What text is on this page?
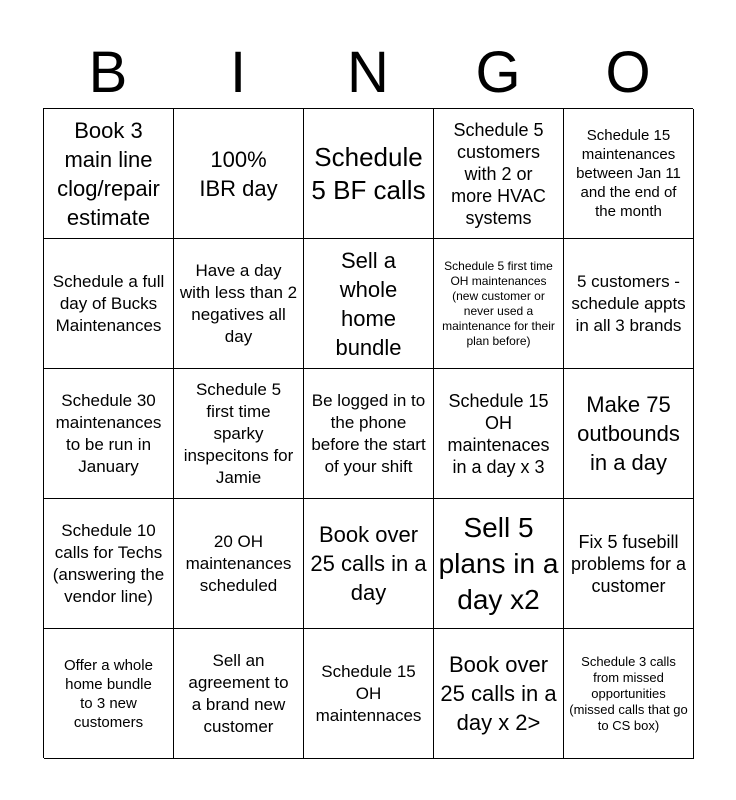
B	I	N	G	O
Book 3 main line clog/repair estimate
100% IBR day
Schedule 5 BF calls
Schedule 5 customers with 2 or more HVAC systems
Schedule 15 maintenances between Jan 11 and the end of the month
Schedule a full day of Bucks Maintenances
Have a day with less than 2 negatives all day
Sell a whole home bundle
Schedule 5 first time OH maintenances (new customer or never used a maintenance for their plan before)
5 customers - schedule appts in all 3 brands
Schedule 30 maintenances to be run in January
Schedule 5 first time sparky inspecitons for Jamie
Be logged in to the phone before the start of your shift
Schedule 15 OH maintenaces in a day x 3
Make 75 outbounds in a day
Schedule 10 calls for Techs (answering the vendor line)
20 OH maintenances scheduled
Book over 25 calls in a day
Sell 5 plans in a day x2
Fix 5 fusebill problems for a customer
Offer a whole home bundle to 3 new customers
Sell an agreement to a brand new customer
Schedule 15 OH maintennaces
Book over 25 calls in a day x 2>
Schedule 3 calls from missed opportunities (missed calls that go to CS box)
